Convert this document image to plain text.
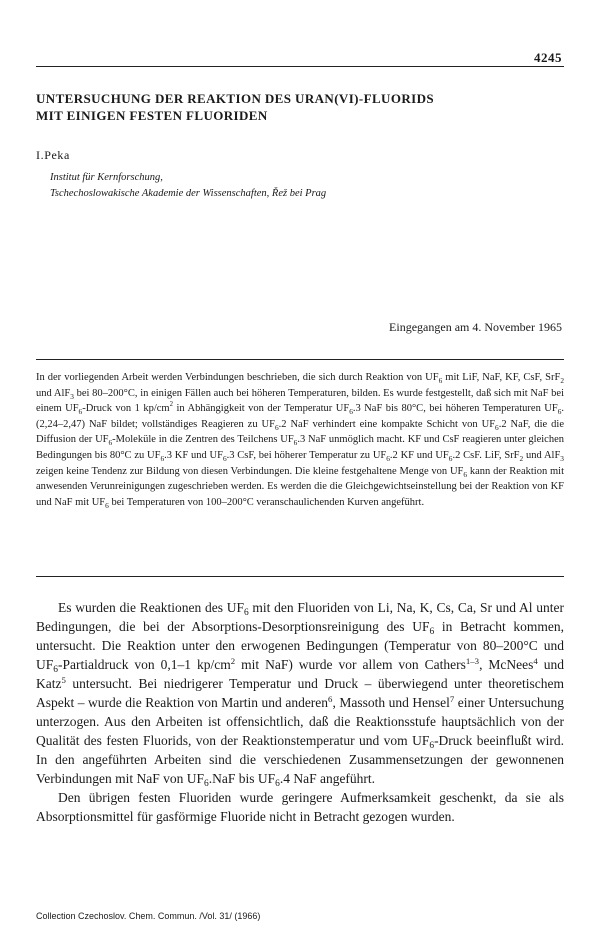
4245
UNTERSUCHUNG DER REAKTION DES URAN(VI)-FLUORIDS
MIT EINIGEN FESTEN FLUORIDEN
I.Peka
Institut für Kernforschung,
Tschechoslowakische Akademie der Wissenschaften, Řež bei Prag
Eingegangen am 4. November 1965
In der vorliegenden Arbeit werden Verbindungen beschrieben, die sich durch Reaktion von $UF_6$ mit LiF, NaF, KF, CsF, SrF$_2$ und AlF$_3$ bei 80–200°C, in einigen Fällen auch bei höheren Temperaturen, bilden. Es wurde festgestellt, daß sich mit NaF bei einem $UF_6$-Druck von 1 $kp/cm^2$ in Abhängigkeit von der Temperatur $UF_6.3$ NaF bis 80°C, bei höheren Temperaturen $UF_6.(2,24-2,47)$ NaF bildet; vollständiges Reagieren zu $UF_6.2$ NaF verhindert eine kompakte Schicht von $UF_6.2$ NaF, die die Diffusion der $UF_6$-Moleküle in die Zentren des Teilchens $UF_6.3$ NaF unmöglich macht. KF und CsF reagieren unter gleichen Bedingungen bis 80°C zu $UF_6.3$ KF und $UF_6.3$ CsF, bei höherer Temperatur zu $UF_6.2$ KF und $UF_6.2$ CsF. LiF, SrF$_2$ und AlF$_3$ zeigen keine Tendenz zur Bildung von diesen Verbindungen. Die kleine festgehaltene Menge von $UF_6$ kann der Reaktion mit anwesenden Verunreinigungen zugeschrieben werden. Es werden die die Gleichgewichtseinstellung bei der Reaktion von KF und NaF mit $UF_6$ bei Temperaturen von 100–200°C veranschaulichenden Kurven angeführt.

Es wurden die Reaktionen des $UF_6$ mit den Fluoriden von Li, Na, K, Cs, Ca, Sr und Al unter Bedingungen, die bei der Absorptions-Desorptionsreinigung des $UF_6$ in Betracht kommen, untersucht. Die Reaktion unter den erwogenen Bedingungen (Temperatur von 80–200°C und $UF_6$-Partialdruck von 0,1–1 $kp/cm^2$ mit NaF) wurde vor allem von Cathers$^{1-3}$, McNees$^4$ und Katz$^5$ untersucht. Bei niedrigerer Temperatur und Druck – überwiegend unter theoretischem Aspekt – wurde die Reaktion von Martin und anderen$^6$, Massoth und Hensel$^7$ einer Untersuchung unterzogen. Aus den Arbeiten ist offensichtlich, daß die Reaktionsstufe hauptsächlich von der Qualität des festen Fluorids, von der Reaktionstemperatur und vom $UF_6$-Druck beeinflußt wird. In den angeführten Arbeiten sind die verschiedenen Zusammensetzungen der gewonnenen Verbindungen mit NaF von $UF_6.NaF$ bis $UF_6.4$ NaF angeführt.

Den übrigen festen Fluoriden wurde geringere Aufmerksamkeit geschenkt, da sie als Absorptionsmittel für gasförmige Fluoride nicht in Betracht gezogen wurden.

Collection Czechoslov. Chem. Commun. /Vol. 31/ (1966)
